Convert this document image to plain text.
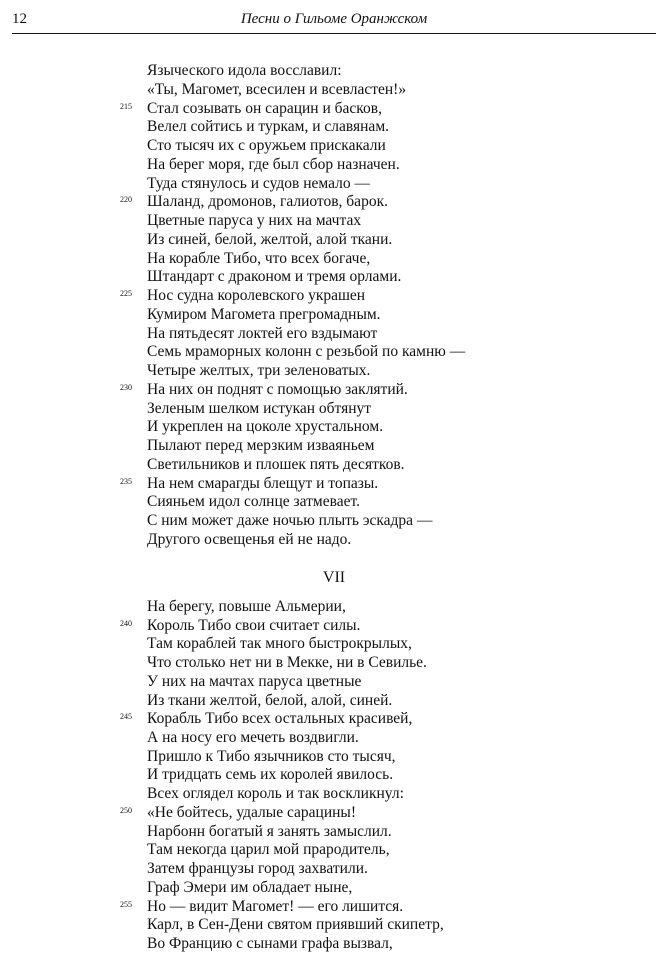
12	Песни о Гильоме Оранжском
Языческого идола восславил:
«Ты, Магомет, всесилен и всевластен!»
Стал созывать он сарацин и басков,
Велел сойтись и туркам, и славянам.
Сто тысяч их с оружьем прискакали
На берег моря, где был сбор назначен.
Туда стянулось и судов немало —
Шаланд, дромонов, галиотов, барок.
Цветные паруса у них на мачтах
Из синей, белой, желтой, алой ткани.
На корабле Тибо, что всех богаче,
Штандарт с драконом и тремя орлами.
Нос судна королевского украшен
Кумиром Магомета прегромадным.
На пятьдесят локтей его вздымают
Семь мраморных колонн с резьбой по камню —
Четыре желтых, три зеленоватых.
На них он поднят с помощью заклятий.
Зеленым шелком истукан обтянут
И укреплен на цоколе хрустальном.
Пылают перед мерзким изваяньем
Светильников и плошек пять десятков.
На нем смарагды блещут и топазы.
Сияньем идол солнце затмевает.
С ним может даже ночью плыть эскадра —
Другого освещенья ей не надо.
215
220
225
230
235
VII
На берегу, повыше Альмерии,
Король Тибо свои считает силы.
Там кораблей так много быстрокрылых,
Что столько нет ни в Мекке, ни в Севилье.
У них на мачтах паруса цветные
Из ткани желтой, белой, алой, синей.
Корабль Тибо всех остальных красивей,
А на носу его мечеть воздвигли.
Пришло к Тибо язычников сто тысяч,
И тридцать семь их королей явилось.
Всех оглядел король и так воскликнул:
«Не бойтесь, удалые сарацины!
Нарбонн богатый я занять замыслил.
Там некогда царил мой прародитель,
Затем французы город захватили.
Граф Эмери им обладает ныне,
Но — видит Магомет! — его лишится.
Карл, в Сен-Дени святом приявший скипетр,
Во Францию с сынами графа вызвал,
240
245
250
255
